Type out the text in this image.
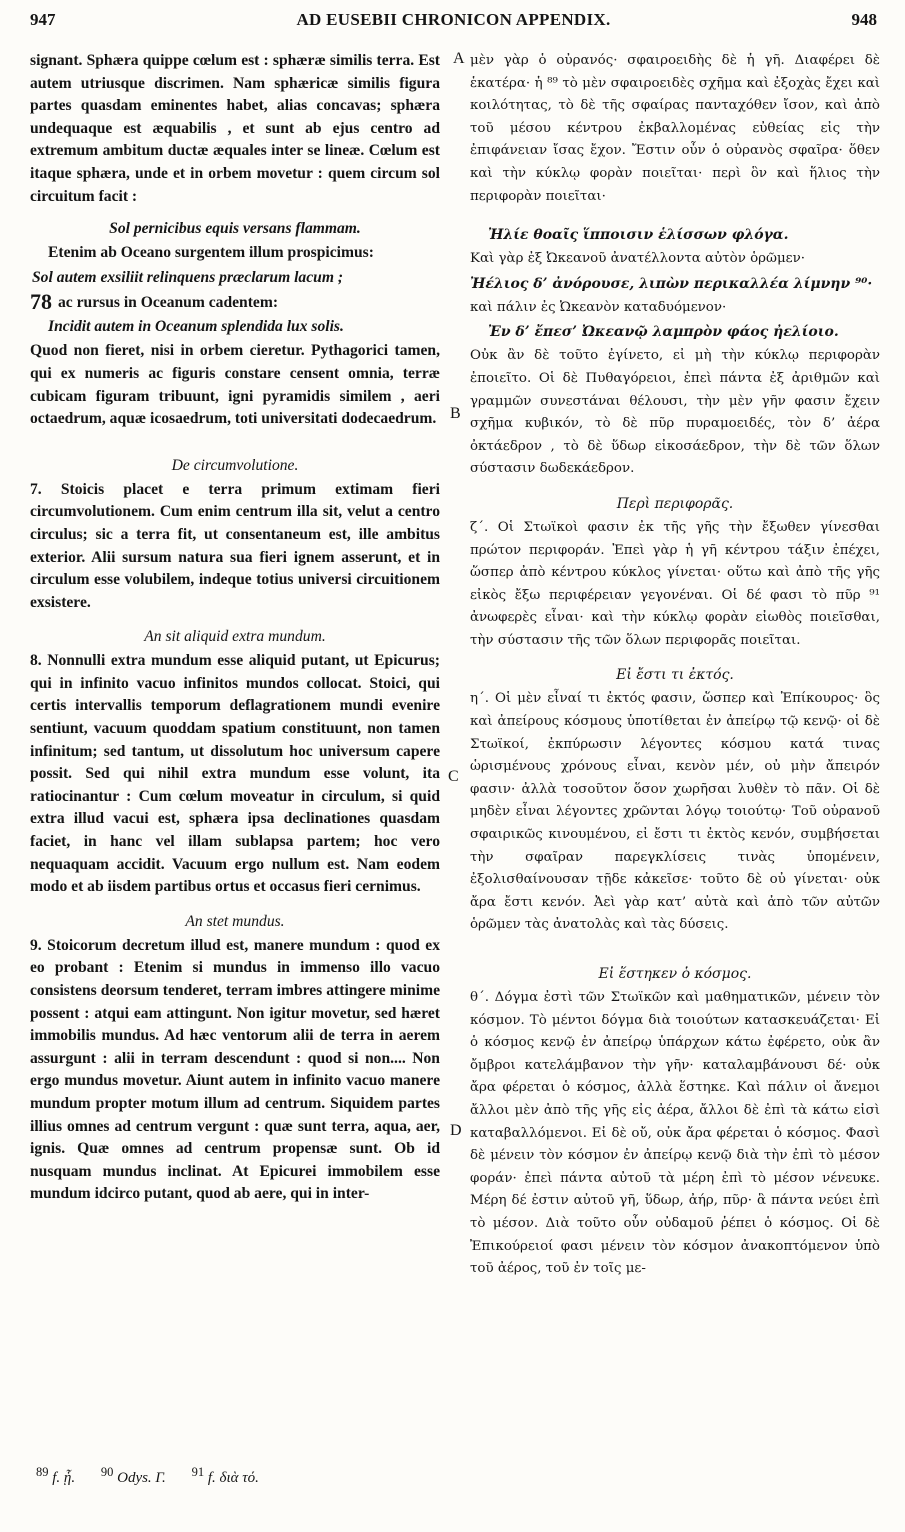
947	AD EUSEBII CHRONICON APPENDIX.	948
A
B
C
D

signant. Sphæra quippe cœlum est : sphæræ similis terra. Est autem utriusque discrimen. Nam sphæricæ similis figura partes quasdam eminentes habet, alias concavas; sphæra undequaque est æquabilis , et sunt ab ejus centro ad extremum ambitum ductæ æquales inter se lineæ. Cœlum est itaque sphæra, unde et in orbem movetur : quem circum sol circuitum facit :

Sol pernicibus equis versans flammam.

Etenim ab Oceano surgentem illum prospicimus:

Sol autem exsiliit relinquens præclarum lacum ;

78 ac rursus in Oceanum cadentem:

Incidit autem in Oceanum splendida lux solis.

Quod non fieret, nisi in orbem cieretur. Pythagorici tamen, qui ex numeris ac figuris constare censent omnia, terræ cubicam figuram tribuunt, igni pyramidis similem , aeri octaedrum, aquæ icosaedrum, toti universitati dodecaedrum.

De circumvolutione.

7. Stoicis placet e terra primum extimam fieri circumvolutionem. Cum enim centrum illa sit, velut a centro circulus; sic a terra fit, ut consentaneum est, ille ambitus exterior. Alii sursum natura sua fieri ignem asserunt, et in circulum esse volubilem, indeque totius universi circuitionem exsistere.

An sit aliquid extra mundum.

8. Nonnulli extra mundum esse aliquid putant, ut Epicurus; qui in infinito vacuo infinitos mundos collocat. Stoici, qui certis intervallis temporum deflagrationem mundi evenire sentiunt, vacuum quoddam spatium constituunt, non tamen infinitum; sed tantum, ut dissolutum hoc universum capere possit. Sed qui nihil extra mundum esse volunt, ita ratiocinantur : Cum cœlum moveatur in circulum, si quid extra illud vacui est, sphæra ipsa declinationes quasdam faciet, in hanc vel illam sublapsa partem; hoc vero nequaquam accidit. Vacuum ergo nullum est. Nam eodem modo et ab iisdem partibus ortus et occasus fieri cernimus.

An stet mundus.

9. Stoicorum decretum illud est, manere mundum : quod ex eo probant : Etenim si mundus in immenso illo vacuo consistens deorsum tenderet, terram imbres attingere minime possent : atqui eam attingunt. Non igitur movetur, sed hæret immobilis mundus. Ad hæc ventorum alii de terra in aerem assurgunt : alii in terram descendunt : quod si non.... Non ergo mundus movetur. Aiunt autem in infinito vacuo manere mundum propter motum illum ad centrum. Siquidem partes illius omnes ad centrum vergunt : quæ sunt terra, aqua, aer, ignis. Quæ omnes ad centrum propensæ sunt. Ob id nusquam mundus inclinat. At Epicurei immobilem esse mundum idcirco putant, quod ab aere, qui in inter-

μὲν γὰρ ὁ οὐρανός· σφαιροειδὴς δὲ ἡ γῆ. Διαφέρει δὲ ἑκατέρα· ἡ ⁸⁹ τὸ μὲν σφαιροειδὲς σχῆμα καὶ ἐξοχὰς ἔχει καὶ κοιλότητας, τὸ δὲ τῆς σφαίρας πανταχόθεν ἴσον, καὶ ἀπὸ τοῦ μέσου κέντρου ἐκβαλλομένας εὐθείας εἰς τὴν ἐπιφάνειαν ἴσας ἔχον. Ἔστιν οὖν ὁ οὐρανὸς σφαῖρα· ὅθεν καὶ τὴν κύκλῳ φορὰν ποιεῖται· περὶ ὃν καὶ ἥλιος τὴν περιφορὰν ποιεῖται·

Ἠλίε θοαῖς ἵπποισιν ἑλίσσων φλόγα.

Καὶ γὰρ ἐξ Ὠκεανοῦ ἀνατέλλοντα αὐτὸν ὁρῶμεν·

Ἠέλιος δ’ ἀνόρουσε, λιπὼν περικαλλέα λίμνην ⁹⁰·

καὶ πάλιν ἐς Ὠκεανὸν καταδυόμενον·

Ἐν δ’ ἔπεσ’ Ὠκεανῷ λαμπρὸν φάος ἠελίοιο.

Οὐκ ἂν δὲ τοῦτο ἐγίνετο, εἰ μὴ τὴν κύκλῳ περιφορὰν ἐποιεῖτο. Οἱ δὲ Πυθαγόρειοι, ἐπεὶ πάντα ἐξ ἀριθμῶν καὶ γραμμῶν συνεστάναι θέλουσι, τὴν μὲν γῆν φασιν ἔχειν σχῆμα κυβικόν, τὸ δὲ πῦρ πυραμοειδές, τὸν δ’ ἀέρα ὀκτάεδρον , τὸ δὲ ὕδωρ εἰκοσάεδρον, τὴν δὲ τῶν ὅλων σύστασιν δωδεκάεδρον.

Περὶ περιφορᾶς.

ζ΄. Οἱ Στωϊκοὶ φασιν ἐκ τῆς γῆς τὴν ἔξωθεν γίνεσθαι πρώτον περιφοράν. Ἐπεὶ γὰρ ἡ γῆ κέντρου τάξιν ἐπέχει, ὥσπερ ἀπὸ κέντρου κύκλος γίνεται· οὕτω καὶ ἀπὸ τῆς γῆς εἰκὸς ἔξω περιφέρειαν γεγονέναι. Οἱ δέ φασι τὸ πῦρ ⁹¹ ἀνωφερὲς εἶναι· καὶ τὴν κύκλῳ φορὰν εἰωθὸς ποιεῖσθαι, τὴν σύστασιν τῆς τῶν ὅλων περιφορᾶς ποιεῖται.

Εἰ ἔστι τι ἐκτός.

η΄. Οἱ μὲν εἶναί τι ἐκτός φασιν, ὥσπερ καὶ Ἐπίκουρος· ὃς καὶ ἀπείρους κόσμους ὑποτίθεται ἐν ἀπείρῳ τῷ κενῷ· οἱ δὲ Στωϊκοί, ἐκπύρωσιν λέγοντες κόσμου κατά τινας ὡρισμένους χρόνους εἶναι, κενὸν μέν, οὐ μὴν ἄπειρόν φασιν· ἀλλὰ τοσοῦτον ὅσον χωρῆσαι λυθὲν τὸ πᾶν. Οἱ δὲ μηδὲν εἶναι λέγοντες χρῶνται λόγῳ τοιούτῳ· Τοῦ οὐρανοῦ σφαιρικῶς κινουμένου, εἰ ἔστι τι ἐκτὸς κενόν, συμβήσεται τὴν σφαῖραν παρεγκλίσεις τινὰς ὑπομένειν, ἐξολισθαίνουσαν τῇδε κἀκεῖσε· τοῦτο δὲ οὐ γίνεται· οὐκ ἄρα ἔστι κενόν. Ἀεὶ γὰρ κατ’ αὐτὰ καὶ ἀπὸ τῶν αὐτῶν ὁρῶμεν τὰς ἀνατολὰς καὶ τὰς δύσεις.

Εἰ ἕστηκεν ὁ κόσμος.

θ΄. Δόγμα ἐστὶ τῶν Στωϊκῶν καὶ μαθηματικῶν, μένειν τὸν κόσμον. Τὸ μέντοι δόγμα διὰ τοιούτων κατασκευάζεται· Εἰ ὁ κόσμος κενῷ ἐν ἀπείρῳ ὑπάρχων κάτω ἐφέρετο, οὐκ ἂν ὄμβροι κατελάμβανον τὴν γῆν· καταλαμβάνουσι δέ· οὐκ ἄρα φέρεται ὁ κόσμος, ἀλλὰ ἕστηκε. Καὶ πάλιν οἱ ἄνεμοι ἄλλοι μὲν ἀπὸ τῆς γῆς εἰς ἀέρα, ἄλλοι δὲ ἐπὶ τὰ κάτω εἰσὶ καταβαλλόμενοι. Εἰ δὲ οὔ, οὐκ ἄρα φέρεται ὁ κόσμος. Φασὶ δὲ μένειν τὸν κόσμον ἐν ἀπείρῳ κενῷ διὰ τὴν ἐπὶ τὸ μέσον φοράν· ἐπεὶ πάντα αὐτοῦ τὰ μέρη ἐπὶ τὸ μέσον νένευκε. Μέρη δέ ἐστιν αὐτοῦ γῆ, ὕδωρ, ἀήρ, πῦρ· ἃ πάντα νεύει ἐπὶ τὸ μέσον. Διὰ τοῦτο οὖν οὐδαμοῦ ῥέπει ὁ κόσμος. Οἱ δὲ Ἐπικούρειοί φασι μένειν τὸν κόσμον ἀνακοπτόμενον ὑπὸ τοῦ ἀέρος, τοῦ ἐν τοῖς με-

$^{89}$ f. ᾗ. $^{90}$ Odys. Γ. $^{91}$ f. διὰ τό.
